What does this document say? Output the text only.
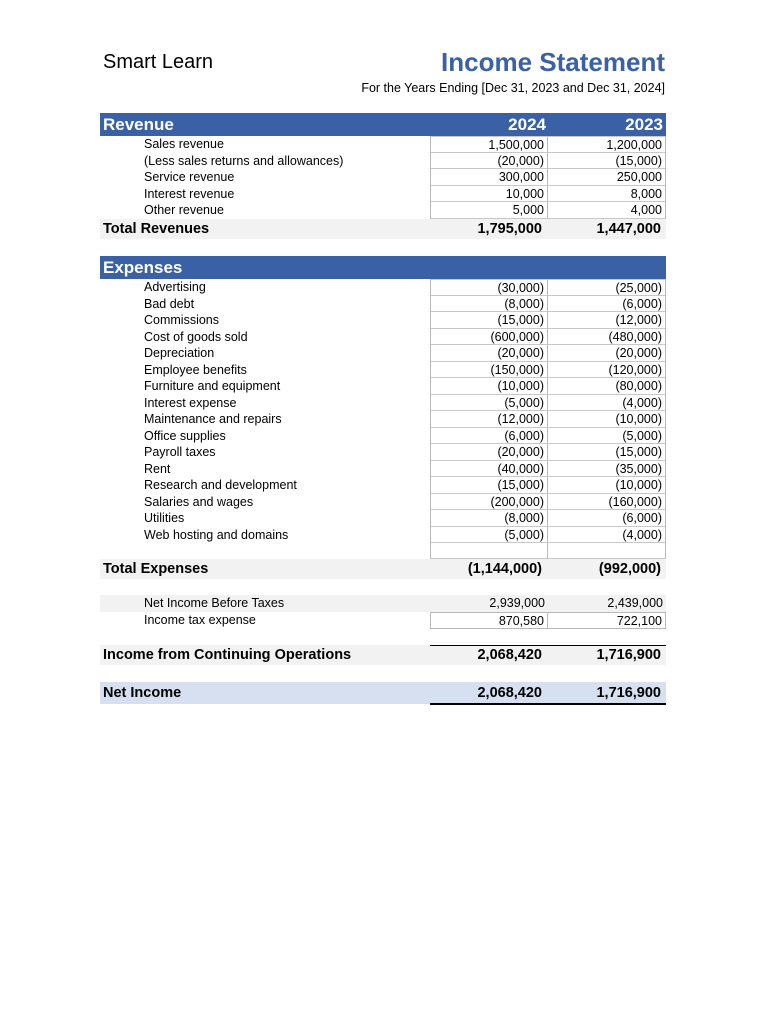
Smart Learn	Income Statement
For the Years Ending [Dec 31, 2023 and Dec 31, 2024]
Revenue	2024	2023
Sales revenue	1,500,000	1,200,000
(Less sales returns and allowances)	(20,000)	(15,000)
Service revenue	300,000	250,000
Interest revenue	10,000	8,000
Other revenue	5,000	4,000
Total Revenues	1,795,000	1,447,000
Expenses
Advertising	(30,000)	(25,000)
Bad debt	(8,000)	(6,000)
Commissions	(15,000)	(12,000)
Cost of goods sold	(600,000)	(480,000)
Depreciation	(20,000)	(20,000)
Employee benefits	(150,000)	(120,000)
Furniture and equipment	(10,000)	(80,000)
Interest expense	(5,000)	(4,000)
Maintenance and repairs	(12,000)	(10,000)
Office supplies	(6,000)	(5,000)
Payroll taxes	(20,000)	(15,000)
Rent	(40,000)	(35,000)
Research and development	(15,000)	(10,000)
Salaries and wages	(200,000)	(160,000)
Utilities	(8,000)	(6,000)
Web hosting and domains	(5,000)	(4,000)
Total Expenses	(1,144,000)	(992,000)
Net Income Before Taxes	2,939,000	2,439,000
Income tax expense	870,580	722,100
Income from Continuing Operations	2,068,420	1,716,900
Net Income	2,068,420	1,716,900
